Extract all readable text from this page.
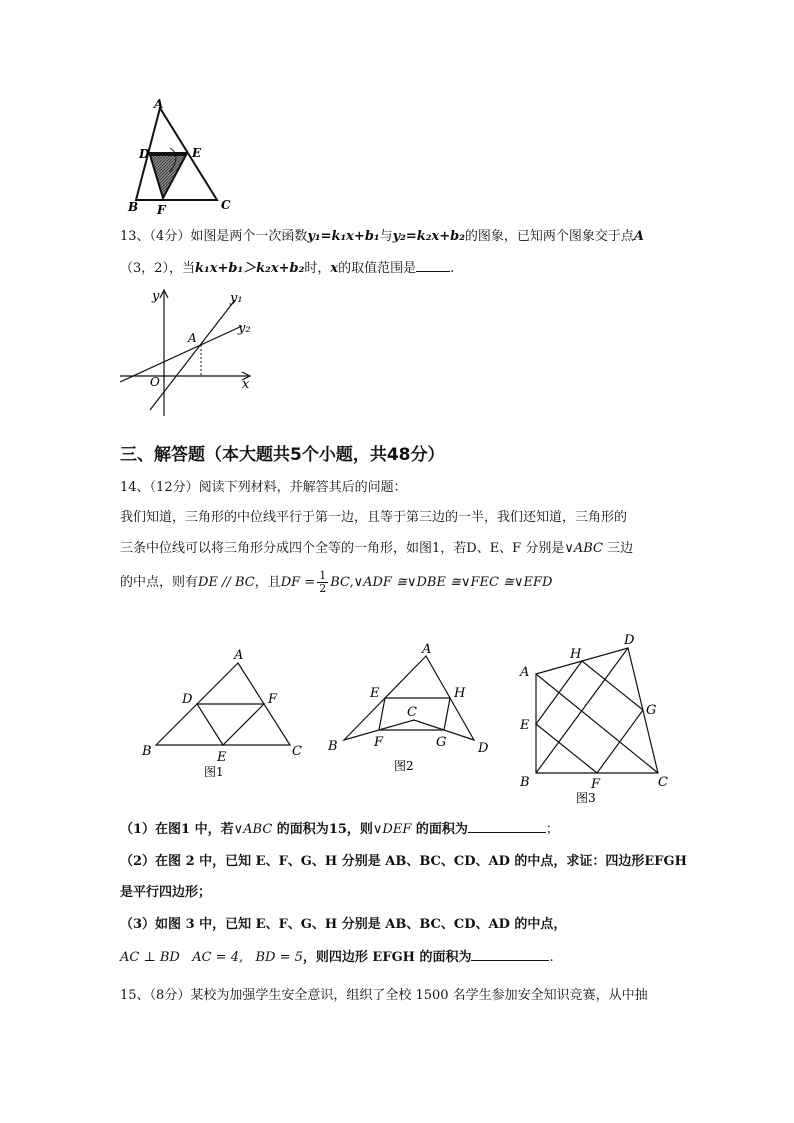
A
D	E
B F	C
13、（4分）如图是两个一次函数y₁=k₁x+b₁与y₂=k₂x+b₂的图象，已知两个图象交于点A
（3，2），当k₁x+b₁＞k₂x+b₂时，x的取值范围是	.
y	y₁
y₂
A
O	x
三、解答题（本大题共5个小题，共48分）
14、（12分）阅读下列材料，并解答其后的问题：
我们知道，三角形的中位线平行于第一边，且等于第三边的一半，我们还知道，三角形的
三条中位线可以将三角形分成四个全等的一角形，如图1，若D、E、F 分别是∨ABC 三边
的中点，则有DE // BC，且DF = $\frac{1}{2}$ BC,∨ADF ≅∨DBE ≅∨FEC ≅∨EFD
A
D	F
B	E	C
图1
A
E	H
C
B	F	G D
图2
D
H
A
G
E
B	F	C
图3
（1）在图1 中，若∨ABC 的面积为15，则∨DEF 的面积为	；
（2）在图 2 中，已知 E、F、G、H 分别是 AB、BC、CD、AD 的中点，求证：四边形EFGH
是平行四边形；
（3）如图 3 中，已知 E、F、G、H 分别是 AB、BC、CD、AD 的中点，
AC ⊥ BD   AC = 4,   BD = 5，则四边形 EFGH 的面积为	.
15、（8分）某校为加强学生安全意识，组织了全校 1500 名学生参加安全知识竞赛，从中抽
